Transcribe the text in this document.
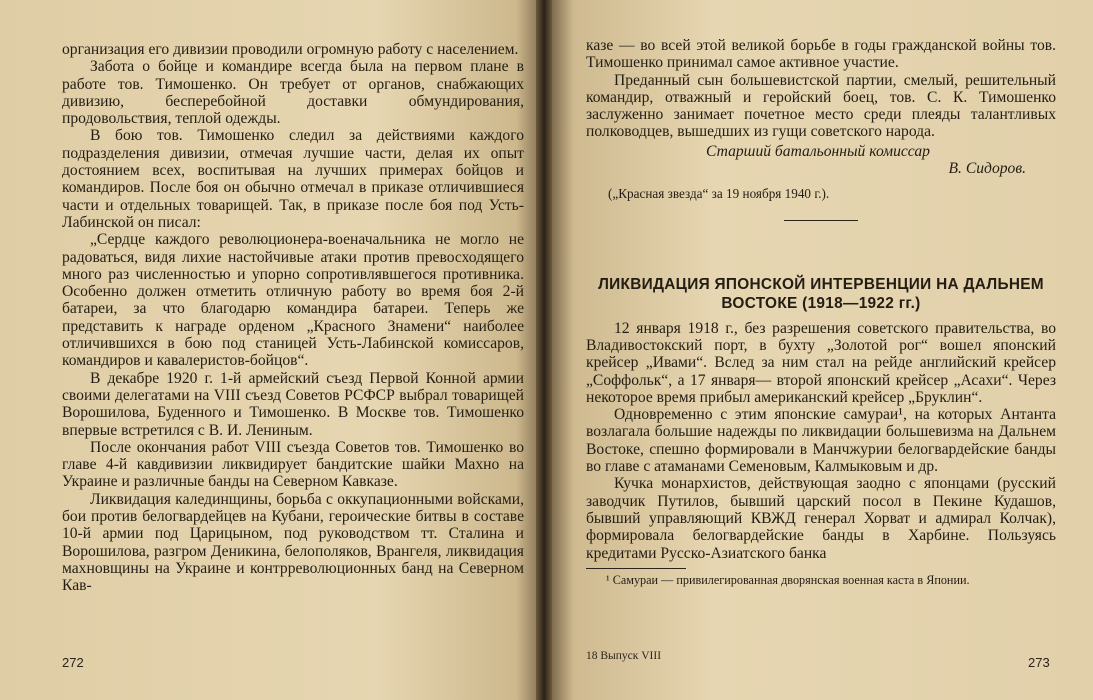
организация его дивизии проводили огромную работу с населением.

Забота о бойце и командире всегда была на первом плане в работе тов. Тимошенко. Он требует от органов, снабжающих дивизию, бесперебойной доставки обмундирования, продовольствия, теплой одежды.

В бою тов. Тимошенко следил за действиями каждого подразделения дивизии, отмечая лучшие части, делая их опыт достоянием всех, воспитывая на лучших примерах бойцов и командиров. После боя он обычно отмечал в приказе отличившиеся части и отдельных товарищей. Так, в приказе после боя под Усть-Лабинской он писал:

„Сердце каждого революционера-военачальника не могло не радоваться, видя лихие настойчивые атаки против превосходящего много раз численностью и упорно сопротивлявшегося противника. Особенно должен отметить отличную работу во время боя 2-й батареи, за что благодарю командира батареи. Теперь же представить к награде орденом „Красного Знамени“ наиболее отличившихся в бою под станицей Усть-Лабинской комиссаров, командиров и кавалеристов-бойцов“.

В декабре 1920 г. 1-й армейский съезд Первой Конной армии своими делегатами на VIII съезд Советов РСФСР выбрал товарищей Ворошилова, Буденного и Тимошенко. В Москве тов. Тимошенко впервые встретился с В. И. Лениным.

После окончания работ VIII съезда Советов тов. Тимошенко во главе 4-й кавдивизии ликвидирует бандитские шайки Махно на Украине и различные банды на Северном Кавказе.

Ликвидация калединщины, борьба с оккупационными войсками, бои против белогвардейцев на Кубани, героические битвы в составе 10-й армии под Царицыном, под руководством тт. Сталина и Ворошилова, разгром Деникина, белополяков, Врангеля, ликвидация махновщины на Украине и контрреволюционных банд на Северном Кав-

272

казе — во всей этой великой борьбе в годы гражданской войны тов. Тимошенко принимал самое активное участие.

Преданный сын большевистской партии, смелый, решительный командир, отважный и геройский боец, тов. С. К. Тимошенко заслуженно занимает почетное место среди плеяды талантливых полководцев, вышедших из гущи советского народа.

Старший батальонный комиссар

В. Сидоров.

(„Красная звезда“ за 19 ноября 1940 г.).

ЛИКВИДАЦИЯ ЯПОНСКОЙ ИНТЕРВЕНЦИИ НА ДАЛЬНЕМ ВОСТОКЕ (1918—1922 гг.)

12 января 1918 г., без разрешения советского правительства, во Владивостокский порт, в бухту „Золотой рог“ вошел японский крейсер „Ивами“. Вслед за ним стал на рейде английский крейсер „Соффольк“, а 17 января— второй японский крейсер „Асахи“. Через некоторое время прибыл американский крейсер „Бруклин“.

Одновременно с этим японские самураи¹, на которых Антанта возлагала большие надежды по ликвидации большевизма на Дальнем Востоке, спешно формировали в Манчжурии белогвардейские банды во главе с атаманами Семеновым, Калмыковым и др.

Кучка монархистов, действующая заодно с японцами (русский заводчик Путилов, бывший царский посол в Пекине Кудашов, бывший управляющий КВЖД генерал Хорват и адмирал Колчак), формировала белогвардейские банды в Харбине. Пользуясь кредитами Русско-Азиатского банка

¹ Самураи — привилегированная дворянская военная каста в Японии.

18 Выпуск VIII	273
